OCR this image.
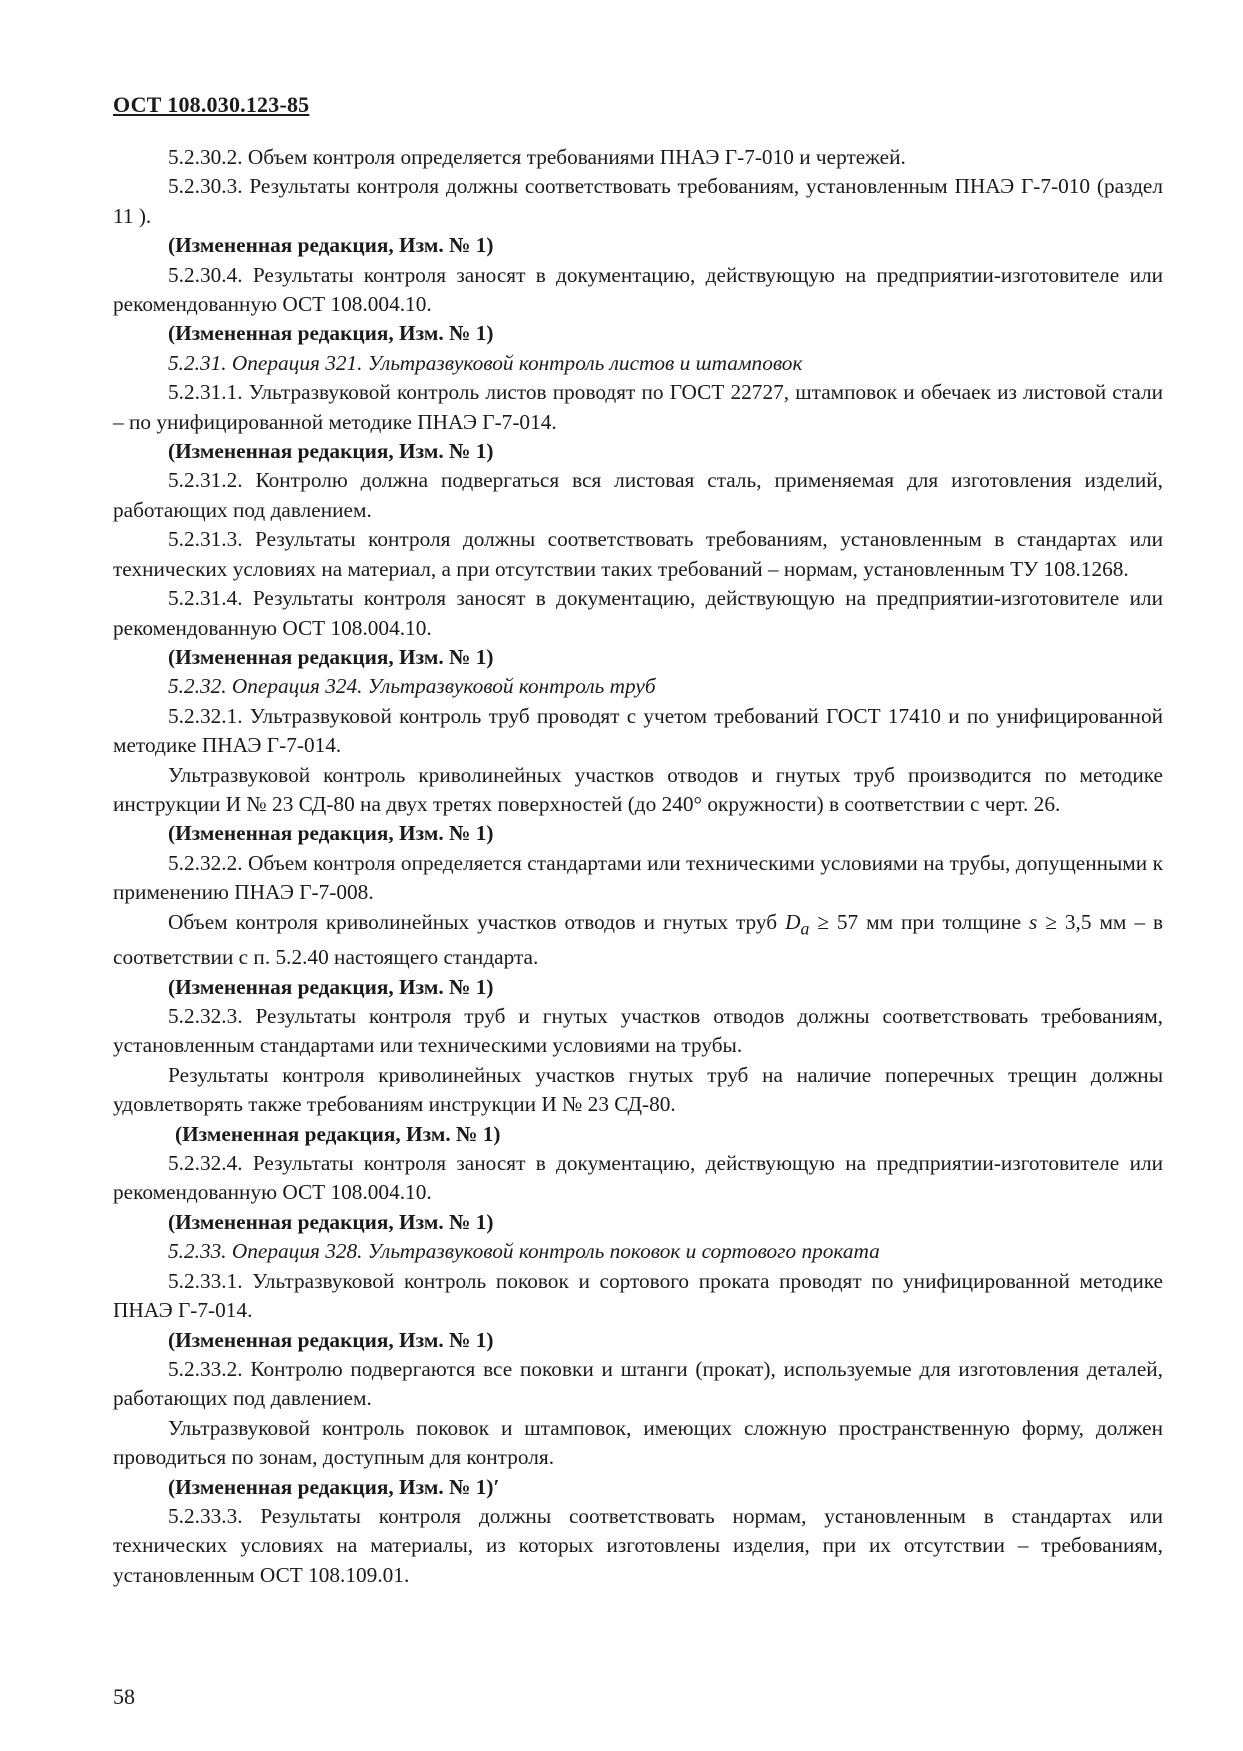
ОСТ 108.030.123-85

5.2.30.2. Объем контроля определяется требованиями ПНАЭ Г-7-010 и чертежей.

5.2.30.3. Результаты контроля должны соответствовать требованиям, установленным ПНАЭ Г-7-010 (раздел 11 ).

(Измененная редакция, Изм. № 1)

5.2.30.4. Результаты контроля заносят в документацию, действующую на предприятии-изготовителе или рекомендованную ОСТ 108.004.10.

(Измененная редакция, Изм. № 1)

5.2.31. Операция 321. Ультразвуковой контроль листов и штамповок

5.2.31.1. Ультразвуковой контроль листов проводят по ГОСТ 22727, штамповок и обечаек из листовой стали – по унифицированной методике ПНАЭ Г-7-014.

(Измененная редакция, Изм. № 1)

5.2.31.2. Контролю должна подвергаться вся листовая сталь, применяемая для изготовления изделий, работающих под давлением.

5.2.31.3. Результаты контроля должны соответствовать требованиям, установленным в стандартах или технических условиях на материал, а при отсутствии таких требований – нормам, установленным ТУ 108.1268.

5.2.31.4. Результаты контроля заносят в документацию, действующую на предприятии-изготовителе или рекомендованную ОСТ 108.004.10.

(Измененная редакция, Изм. № 1)

5.2.32. Операция 324. Ультразвуковой контроль труб

5.2.32.1. Ультразвуковой контроль труб проводят с учетом требований ГОСТ 17410 и по унифицированной методике ПНАЭ Г-7-014.

Ультразвуковой контроль криволинейных участков отводов и гнутых труб производится по методике инструкции И № 23 СД-80 на двух третях поверхностей (до 240° окружности) в соответствии с черт. 26.

(Измененная редакция, Изм. № 1)

5.2.32.2. Объем контроля определяется стандартами или техническими условиями на трубы, допущенными к применению ПНАЭ Г-7-008.

Объем контроля криволинейных участков отводов и гнутых труб $D_a \ge 57$ мм при толщине s ≥ 3,5 мм – в соответствии с п. 5.2.40 настоящего стандарта.

(Измененная редакция, Изм. № 1)

5.2.32.3. Результаты контроля труб и гнутых участков отводов должны соответствовать требованиям, установленным стандартами или техническими условиями на трубы.

Результаты контроля криволинейных участков гнутых труб на наличие поперечных трещин должны удовлетворять также требованиям инструкции И № 23 СД-80.

(Измененная редакция, Изм. № 1)

5.2.32.4. Результаты контроля заносят в документацию, действующую на предприятии-изготовителе или рекомендованную ОСТ 108.004.10.

(Измененная редакция, Изм. № 1)

5.2.33. Операция 328. Ультразвуковой контроль поковок и сортового проката

5.2.33.1. Ультразвуковой контроль поковок и сортового проката проводят по унифицированной методике ПНАЭ Г-7-014.

(Измененная редакция, Изм. № 1)

5.2.33.2. Контролю подвергаются все поковки и штанги (прокат), используемые для изготовления деталей, работающих под давлением.

Ультразвуковой контроль поковок и штамповок, имеющих сложную пространственную форму, должен проводиться по зонам, доступным для контроля.

(Измененная редакция, Изм. № 1)ʹ

5.2.33.3. Результаты контроля должны соответствовать нормам, установленным в стандартах или технических условиях на материалы, из которых изготовлены изделия, при их отсутствии – требованиям, установленным ОСТ 108.109.01.

58
